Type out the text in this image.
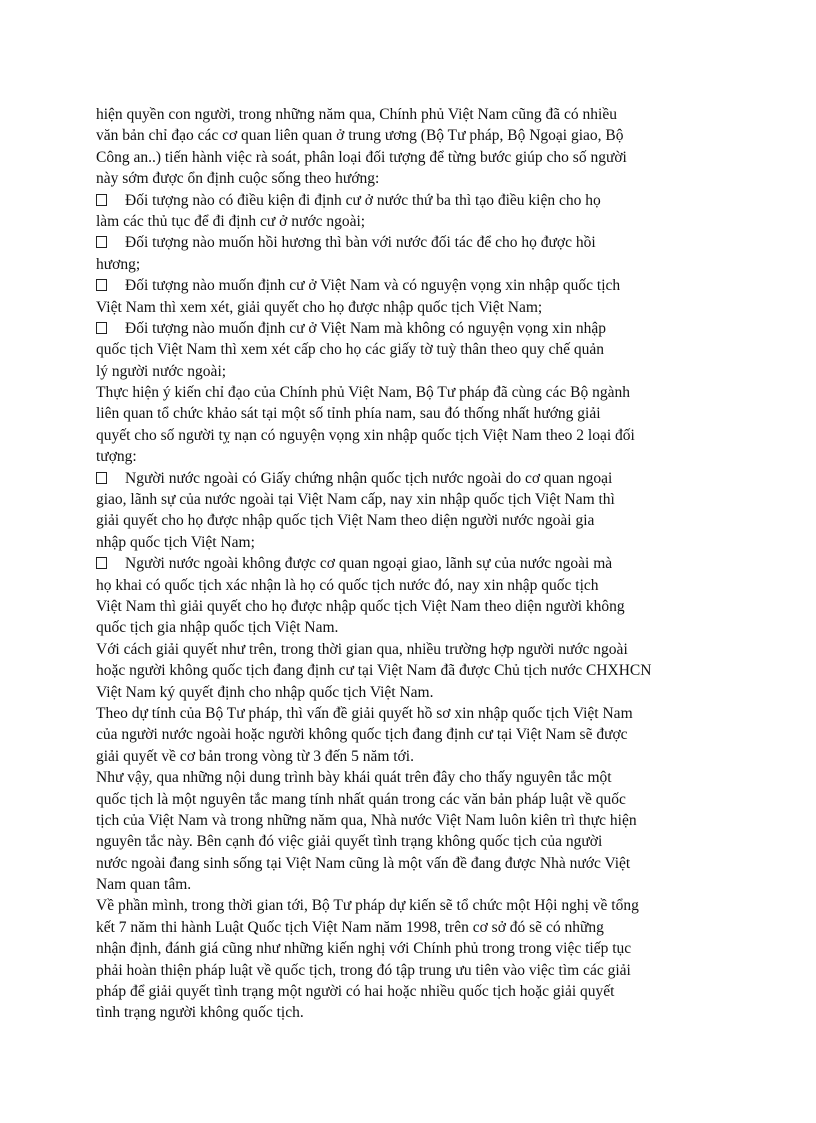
hiện quyền con người, trong những năm qua, Chính phủ Việt Nam cũng đã có nhiều
văn bản chỉ đạo các cơ quan liên quan ở trung ương (Bộ Tư pháp, Bộ Ngoại giao, Bộ
Công an..) tiến hành việc rà soát, phân loại đối tượng để từng bước giúp cho số người
này sớm được ổn định cuộc sống theo hướng:
Đối tượng nào có điều kiện đi định cư ở nước thứ ba thì tạo điều kiện cho họ
làm các thủ tục để đi định cư ở nước ngoài;
Đối tượng nào muốn hồi hương thì bàn với nước đối tác để cho họ được hồi
hương;
Đối tượng nào muốn định cư ở Việt Nam và có nguyện vọng xin nhập quốc tịch
Việt Nam thì xem xét, giải quyết cho họ được nhập quốc tịch Việt Nam;
Đối tượng nào muốn định cư ở Việt Nam mà không có nguyện vọng xin nhập
quốc tịch Việt Nam thì xem xét cấp cho họ các giấy tờ tuỳ thân theo quy chế quản
lý người nước ngoài;
Thực hiện ý kiến chỉ đạo của Chính phủ Việt Nam, Bộ Tư pháp đã cùng các Bộ ngành
liên quan tổ chức khảo sát tại một số tỉnh phía nam, sau đó thống nhất hướng giải
quyết cho số người tỵ nạn có nguyện vọng xin nhập quốc tịch Việt Nam theo 2 loại đối
tượng:
Người nước ngoài có Giấy chứng nhận quốc tịch nước ngoài do cơ quan ngoại
giao, lãnh sự của nước ngoài tại Việt Nam cấp, nay xin nhập quốc tịch Việt Nam thì
giải quyết cho họ được nhập quốc tịch Việt Nam theo diện người nước ngoài gia
nhập quốc tịch Việt Nam;
Người nước ngoài không được cơ quan ngoại giao, lãnh sự của nước ngoài mà
họ khai có quốc tịch xác nhận là họ có quốc tịch nước đó, nay xin nhập quốc tịch
Việt Nam thì giải quyết cho họ được nhập quốc tịch Việt Nam theo diện người không
quốc tịch gia nhập quốc tịch Việt Nam.
Với cách giải quyết như trên, trong thời gian qua, nhiều trường hợp người nước ngoài
hoặc người không quốc tịch đang định cư tại Việt Nam đã được Chủ tịch nước CHXHCN
Việt Nam ký quyết định cho nhập quốc tịch Việt Nam.
Theo dự tính của Bộ Tư pháp, thì vấn đề giải quyết hồ sơ xin nhập quốc tịch Việt Nam
của người nước ngoài hoặc người không quốc tịch đang định cư tại Việt Nam sẽ được
giải quyết về cơ bản trong vòng từ 3 đến 5 năm tới.
Như vậy, qua những nội dung trình bày khái quát trên đây cho thấy nguyên tắc một
quốc tịch là một nguyên tắc mang tính nhất quán trong các văn bản pháp luật về quốc
tịch của Việt Nam và trong những năm qua, Nhà nước Việt Nam luôn kiên trì thực hiện
nguyên tắc này. Bên cạnh đó việc giải quyết tình trạng không quốc tịch của người
nước ngoài đang sinh sống tại Việt Nam cũng là một vấn đề đang được Nhà nước Việt
Nam quan tâm.
Về phần mình, trong thời gian tới, Bộ Tư pháp dự kiến sẽ tổ chức một Hội nghị về tổng
kết 7 năm thi hành Luật Quốc tịch Việt Nam năm 1998, trên cơ sở đó sẽ có những
nhận định, đánh giá cũng như những kiến nghị với Chính phủ trong trong việc tiếp tục
phải hoàn thiện pháp luật về quốc tịch, trong đó tập trung ưu tiên vào việc tìm các giải
pháp để giải quyết tình trạng một người có hai hoặc nhiều quốc tịch hoặc giải quyết
tình trạng người không quốc tịch.
